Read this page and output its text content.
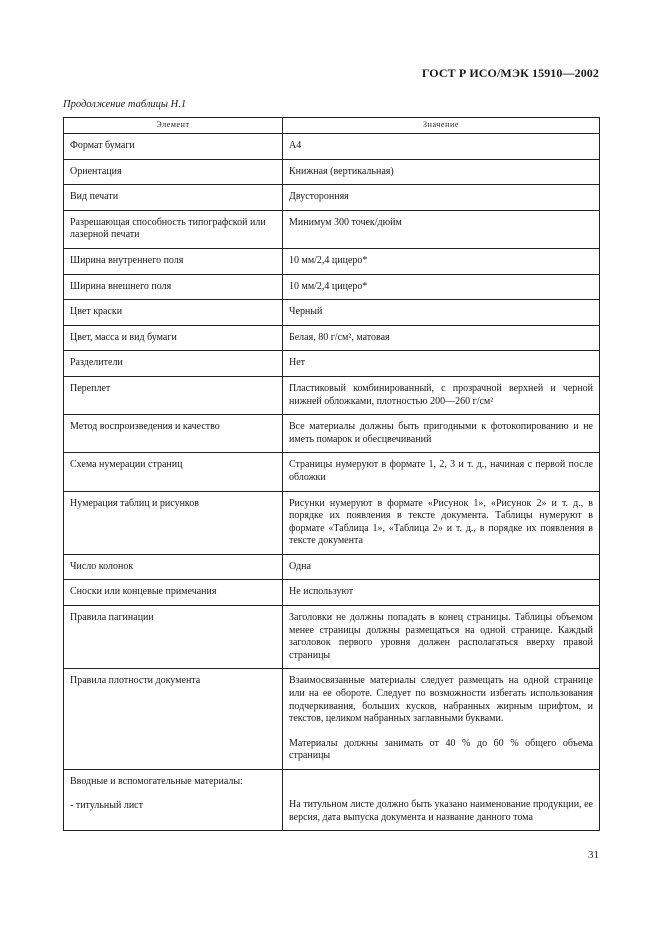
ГОСТ Р ИСО/МЭК 15910—2002
Продолжение таблицы Н.1
Элемент	Значение
Формат бумаги	А4
Ориентация	Книжная (вертикальная)
Вид печати	Двусторонняя
Разрешающая способность типографской или лазерной печати	Минимум 300 точек/дюйм
Ширина внутреннего поля	10 мм/2,4 цицеро*
Ширина внешнего поля	10 мм/2,4 цицеро*
Цвет краски	Черный
Цвет, масса и вид бумаги	Белая, 80 г/см², матовая
Разделители	Нет
Переплет	Пластиковый комбинированный, с прозрачной верхней и черной нижней обложками, плотностью 200—260 г/см²
Метод воспроизведения и качество	Все материалы должны быть пригодными к фотокопированию и не иметь помарок и обесцвечиваний
Схема нумерации страниц	Страницы нумеруют в формате 1, 2, 3 и т. д., начиная с первой после обложки
Нумерация таблиц и рисунков	Рисунки нумеруют в формате «Рисунок 1», «Рисунок 2» и т. д., в порядке их появления в тексте документа. Таблицы нумеруют в формате «Таблица 1», «Таблица 2» и т. д., в порядке их появления в тексте документа
Число колонок	Одна
Сноски или концевые примечания	Не используют
Правила пагинации	Заголовки не должны попадать в конец страницы. Таблицы объемом менее страницы должны размещаться на одной странице. Каждый заголовок первого уровня должен располагаться вверху правой страницы
Правила плотности документа	Взаимосвязанные материалы следует размещать на одной странице или на ее обороте. Следует по возможности избегать использования подчеркивания, больших кусков, набранных жирным шрифтом, и текстов, целиком набранных заглавными буквами.
Материалы должны занимать от 40 % до 60 % общего объема страницы

Вводные и вспомогательные материалы:
- титульный лист	На титульном листе должно быть указано наименование продукции, ее версия, дата выпуска документа и название данного тома
31
